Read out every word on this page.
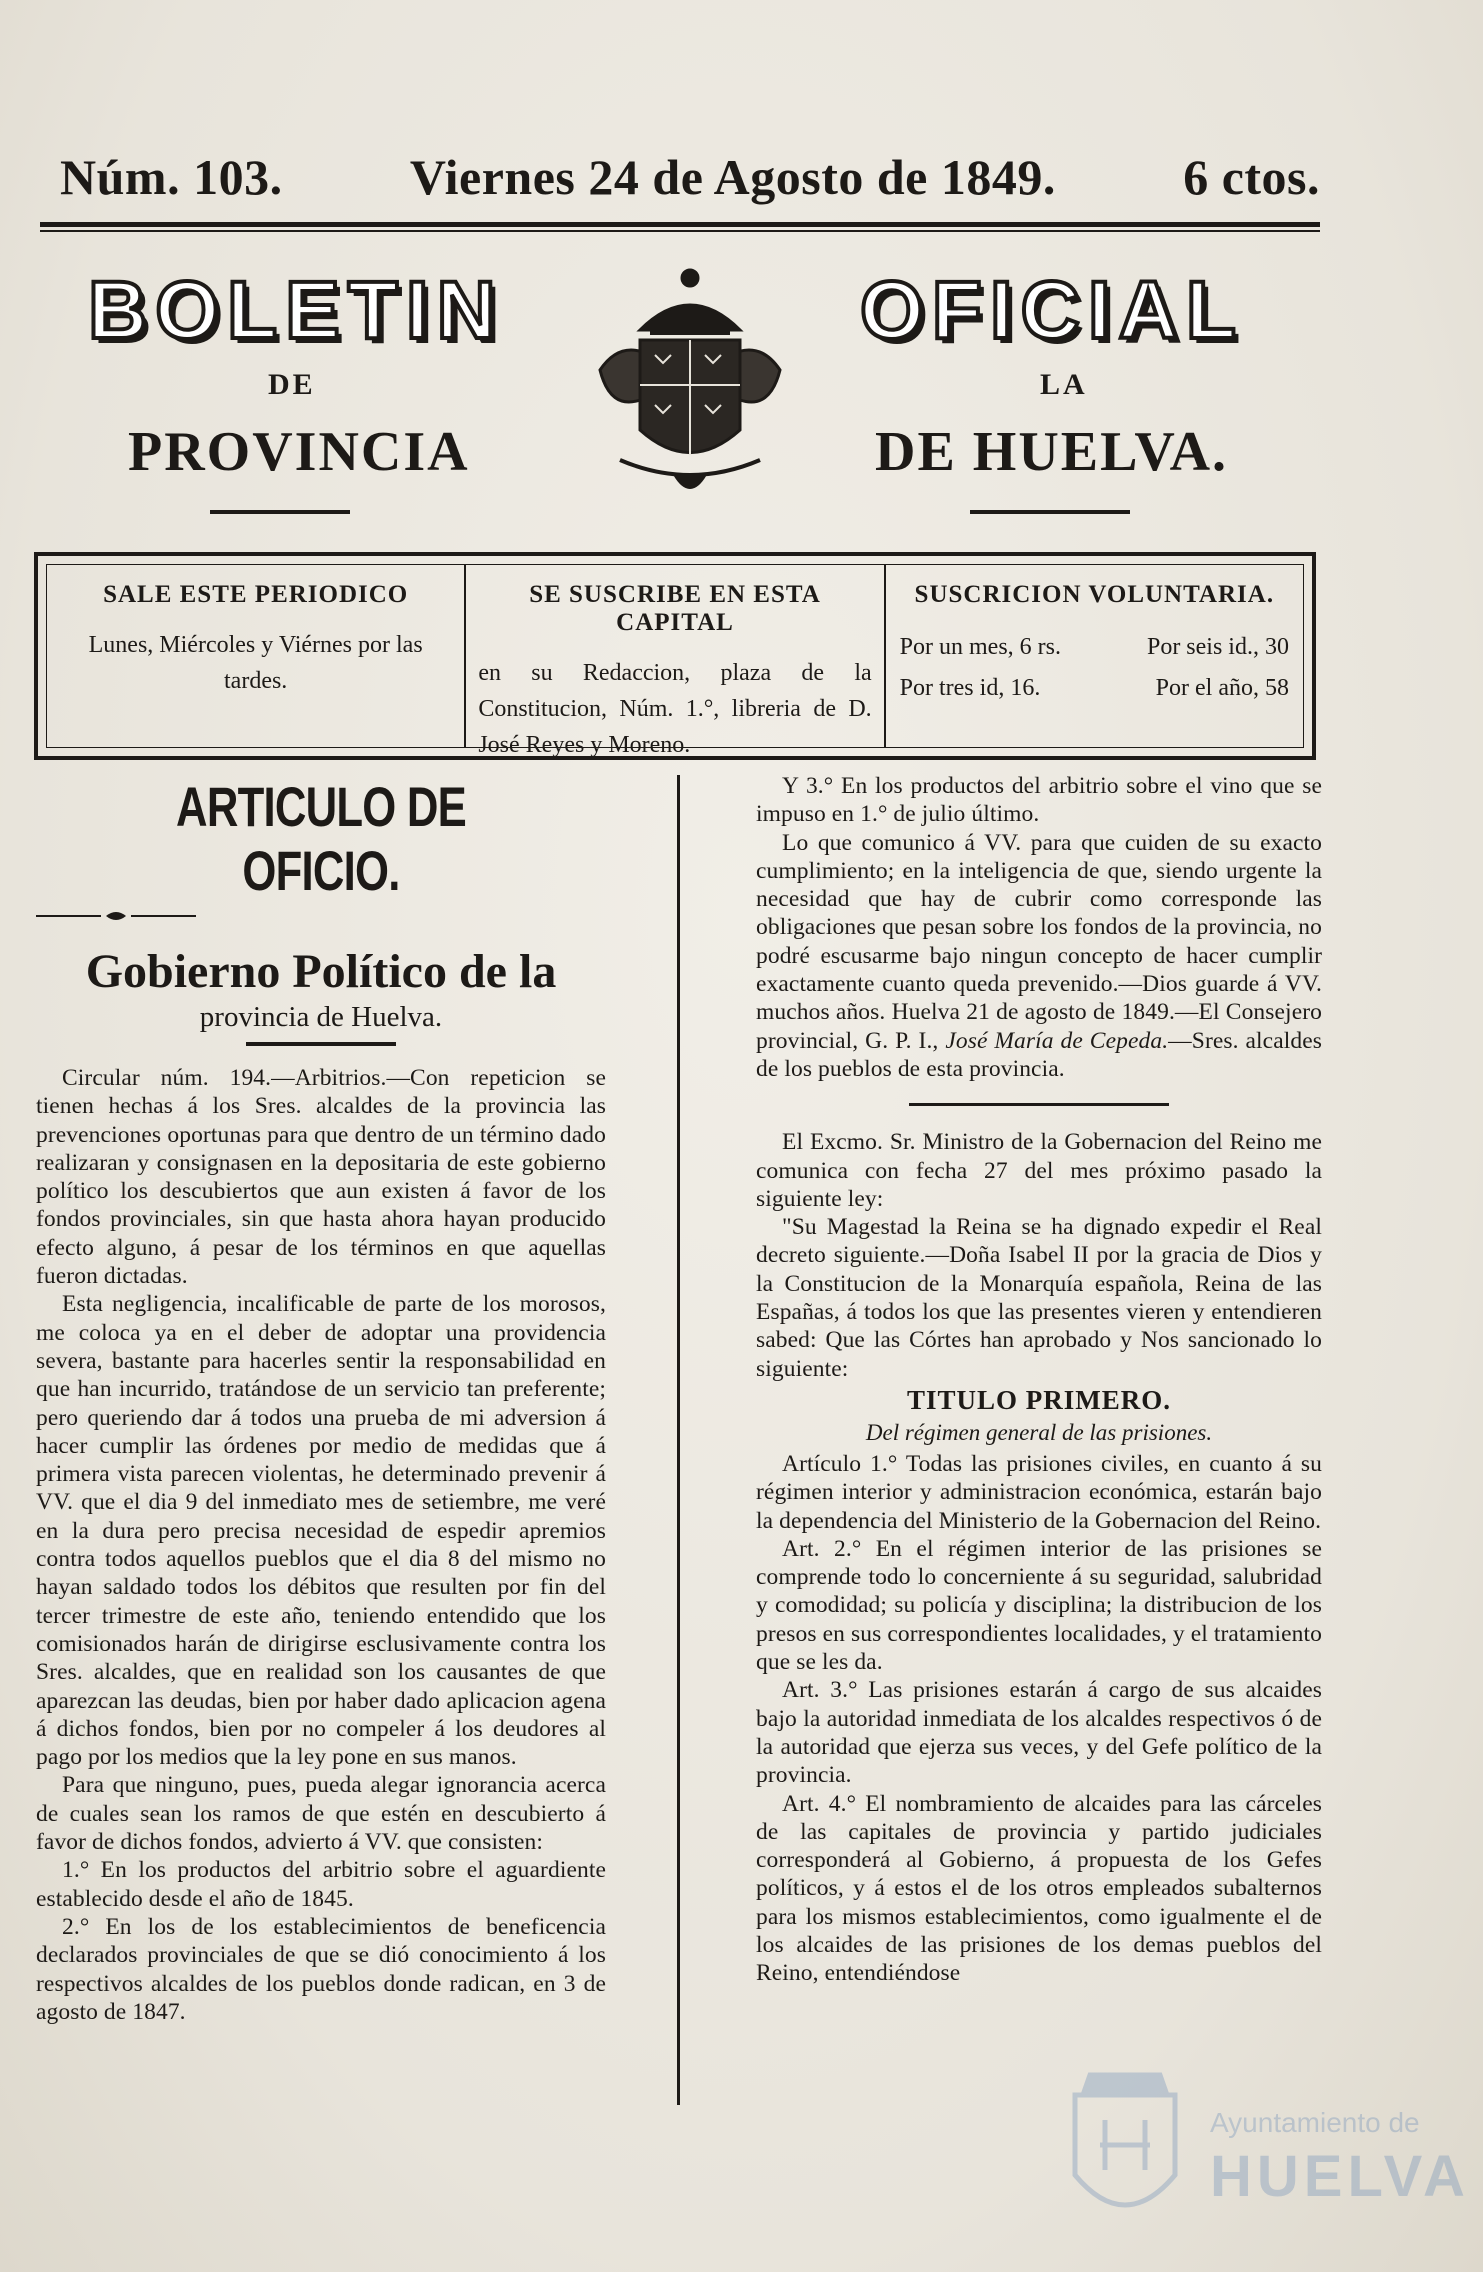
Núm. 103.	Viernes 24 de Agosto de 1849.	6 ctos.
BOLETIN	OFICIAL
DE	LA
PROVINCIA	DE HUELVA.
SALE ESTE PERIODICO
Lunes, Miércoles y Viérnes por las tardes.
SE SUSCRIBE EN ESTA CAPITAL
en su Redaccion, plaza de la Constitucion, Núm. 1.°, libreria de D. José Reyes y Moreno.
SUSCRICION VOLUNTARIA.
Por un mes, 6 rs.	Por seis id., 30
Por tres id, 16.	Por el año, 58
ARTICULO DE OFICIO.
Gobierno Político de la
provincia de Huelva.

Circular núm. 194.—Arbitrios.—Con repeticion se tienen hechas á los Sres. alcaldes de la provincia las prevenciones oportunas para que dentro de un término dado realizaran y consignasen en la depositaria de este gobierno político los descubiertos que aun existen á favor de los fondos provinciales, sin que hasta ahora hayan producido efecto alguno, á pesar de los términos en que aquellas fueron dictadas.

Esta negligencia, incalificable de parte de los morosos, me coloca ya en el deber de adoptar una providencia severa, bastante para hacerles sentir la responsabilidad en que han incurrido, tratándose de un servicio tan preferente; pero queriendo dar á todos una prueba de mi adversion á hacer cumplir las órdenes por medio de medidas que á primera vista parecen violentas, he determinado prevenir á VV. que el dia 9 del inmediato mes de setiembre, me veré en la dura pero precisa necesidad de espedir apremios contra todos aquellos pueblos que el dia 8 del mismo no hayan saldado todos los débitos que resulten por fin del tercer trimestre de este año, teniendo entendido que los comisionados harán de dirigirse esclusivamente contra los Sres. alcaldes, que en realidad son los causantes de que aparezcan las deudas, bien por haber dado aplicacion agena á dichos fondos, bien por no compeler á los deudores al pago por los medios que la ley pone en sus manos.

Para que ninguno, pues, pueda alegar ignorancia acerca de cuales sean los ramos de que estén en descubierto á favor de dichos fondos, advierto á VV. que consisten:

1.° En los productos del arbitrio sobre el aguardiente establecido desde el año de 1845.

2.° En los de los establecimientos de beneficencia declarados provinciales de que se dió conocimiento á los respectivos alcaldes de los pueblos donde radican, en 3 de agosto de 1847.

Y 3.° En los productos del arbitrio sobre el vino que se impuso en 1.° de julio último.

Lo que comunico á VV. para que cuiden de su exacto cumplimiento; en la inteligencia de que, siendo urgente la necesidad que hay de cubrir como corresponde las obligaciones que pesan sobre los fondos de la provincia, no podré escusarme bajo ningun concepto de hacer cumplir exactamente cuanto queda prevenido.—Dios guarde á VV. muchos años. Huelva 21 de agosto de 1849.—El Consejero provincial, G. P. I., José María de Cepeda.—Sres. alcaldes de los pueblos de esta provincia.

El Excmo. Sr. Ministro de la Gobernacion del Reino me comunica con fecha 27 del mes próximo pasado la siguiente ley:

"Su Magestad la Reina se ha dignado expedir el Real decreto siguiente.—Doña Isabel II por la gracia de Dios y la Constitucion de la Monarquía española, Reina de las Españas, á todos los que las presentes vieren y entendieren sabed: Que las Córtes han aprobado y Nos sancionado lo siguiente:

TITULO PRIMERO.
Del régimen general de las prisiones.

Artículo 1.° Todas las prisiones civiles, en cuanto á su régimen interior y administracion económica, estarán bajo la dependencia del Ministerio de la Gobernacion del Reino.

Art. 2.° En el régimen interior de las prisiones se comprende todo lo concerniente á su seguridad, salubridad y comodidad; su policía y disciplina; la distribucion de los presos en sus correspondientes localidades, y el tratamiento que se les da.

Art. 3.° Las prisiones estarán á cargo de sus alcaides bajo la autoridad inmediata de los alcaldes respectivos ó de la autoridad que ejerza sus veces, y del Gefe político de la provincia.

Art. 4.° El nombramiento de alcaides para las cárceles de las capitales de provincia y partido judiciales corresponderá al Gobierno, á propuesta de los Gefes políticos, y á estos el de los otros empleados subalternos para los mismos establecimientos, como igualmente el de los alcaides de las prisiones de los demas pueblos del Reino, entendiéndose

Ayuntamiento de
HUELVA
